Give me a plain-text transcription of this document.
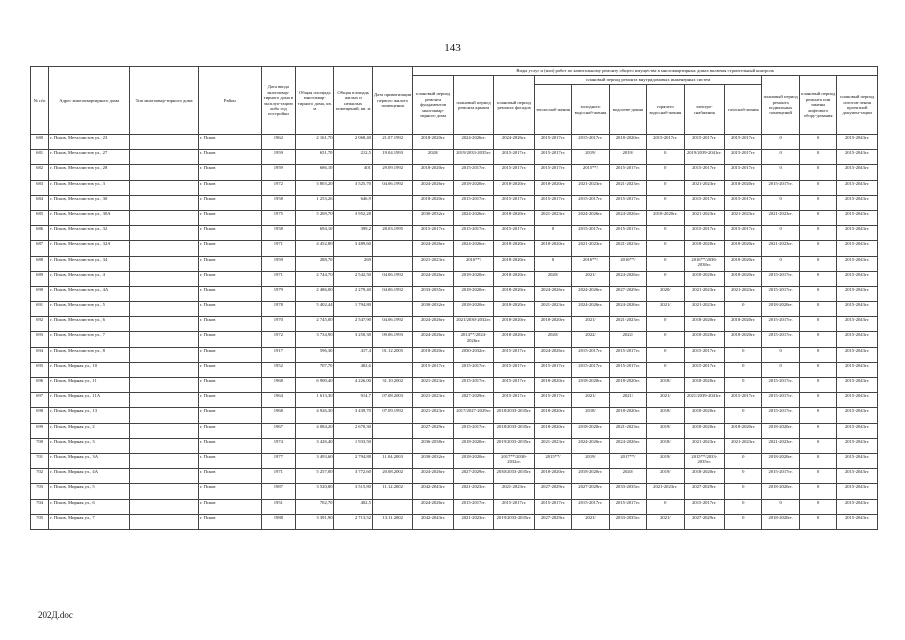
143
№ п/п	Адрес многоквартирного дома	Тип многоквар-тирного дома	Район	Дата ввода многоквар-тирного дома в эксплуа-тацию либо год постройки	Общая площадь многоквар-тирного дома, кв. м	Общая площадь жилых и нежилых помещений, кв. м	Дата приватизации первого жилого помещения	Виды услуг и (или) работ по капитальному ремонту общего имущества в многоквартирных домах включая строительный контроль											
								плановый период ремонта фундаментов многоквар-тирного дома	плановый период ремонта крыши	плановый период ремонта фасадов	плановый период ремонта внутридомовых инженерных систем						плановый период ремонта подвальных помещений	плановый период ремонта или замены лифтового обору-дования	плановый период изготов-ления проектной докумен-тации
											теплоснаб-жения	холодного водоснаб-жения	водоотве-дения	горячего водоснаб-жения	электро-снабжения	газоснаб-жения			
680	г. Псков, Металлистов ул., 23		г. Псков	1962	2 161,70	2 068,40	21.07.1992	2018-2020гг.	2024-2026гг.	2024-2026гг.	2015-2017гг.	2015-2017гг.	2018-2020гг.	2015-2017гг.	2015-2017гг.	2015-2017гг.	0	0	2015-2043гг.
681	г. Псков, Металлистов ул., 27		г. Псков	1959	651,70	212,5	19.04.1993	2020/	2019/2033-2035гг.	2015-2017гг.	2015-2017гг.	2019/	2019/	0	2019/2039-2041гг.	2015-2017гг.	0	0	2015-2043гг.
682	г. Псков, Металлистов ул., 28		г. Псков	1959	686,10	401	29.09.1992	2018-2020гг.	2015-2017гг.	2015-2017гг.	2015-2017гг.	2015**/	2015-2017гг.	0	2015-2017гг.	2015-2017гг.	0	0	2015-2043гг.
683	г. Псков, Металлистов ул., 3		г. Псков	1972	3 803,20	3 525,70	04.06.1992	2024-2026гг.	2018-2020гг.	2018-2020гг.	2018-2020гг.	2021-2023гг.	2021-2023гг.	0	2021-2023гг.	2018-2020гг.	2015-2017гг.	0	2015-2043гг.
684	г. Псков, Металлистов ул., 30		г. Псков	1958	1 253,26	646,9		2018-2020гг.	2015-2017гг.	2015-2017гг.	2015-2017гг.	2015-2017гг.	2015-2017гг.	0	2015-2017гг.	2015-2017гг.	0	0	2015-2043гг.
685	г. Псков, Металлистов ул., 30А		г. Псков	1975	5 269,70	3 952,28		2030-2032гг.	2024-2026гг.	2018-2020гг.	2021-2023гг.	2024-2026гг.	2024-2026гг.	2018-2020гг.	2021-2023гг.	2021-2023гг.	2021-2023гг.	0	2015-2043гг.
686	г. Псков, Металлистов ул., 32		г. Псков	1958	694,10	399,2	28.03.1995	2015-2017гг.	2015-2017гг.	2015-2017гг.	0	2015-2017гг.	2015-2017гг.	0	2015-2017гг.	2015-2017гг.	0	0	2015-2043гг.
687	г. Псков, Металлистов ул., 32А		г. Псков	1971	4 452,80	3 489,60		2024-2026гг.	2024-2026гг.	2018-2020гг.	2018-2020гг.	2021-2023гг.	2021-2023гг.	0	2018-2020гг.	2018-2020гг.	2021-2023гг.	0	2015-2043гг.
688	г. Псков, Металлистов ул., 34		г. Псков	1959	288,70	269		2021-2023гг.	2016**/	2018-2020гг.	0	2016**/	2016**/	0	2016**/2036-2038гг.	2018-2020гг.	0	0	2015-2043гг.
689	г. Псков, Металлистов ул., 4		г. Псков	1971	2 744,70	2 542,50	04.06.1992	2024-2026гг.	2018-2020гг.	2018-2020гг.	2020/	2021/	2024-2026гг.	0	2018-2020гг.	2018-2020гг.	2015-2017гг.	0	2015-2043гг.
690	г. Псков, Металлистов ул., 4А		г. Псков	1979	2 486,00	2 279,40	04.06.1992	2033-2035гг.	2018-2020гг.	2018-2020гг.	2024-2026гг.	2024-2026гг.	2027-2029гг.	2020/	2021-2023гг.	2021-2023гг.	2015-2017гг.	0	2015-2043гг.
691	г. Псков, Металлистов ул., 5		г. Псков	1978	5 402,44	1 794,80		2030-2032гг.	2018-2020гг.	2018-2020гг.	2021-2023гг.	2024-2026гг.	2024-2026гг.	2021/	2021-2023гг.	0	2018-2020гг.	0	2015-2043гг.
692	г. Псков, Металлистов ул., 6		г. Псков	1970	2 745,00	2 547,90	04.06.1992	2024-2026гг.	2021/2030-2032гг.	2018-2020гг.	2018-2020гг.	2021/	2021-2023гг.	0	2018-2020гг.	2018-2020гг.	2015-2017гг.	0	2015-2043гг.
693	г. Псков, Металлистов ул., 7		г. Псков	1972	3 734,90	3 250,30	09.06.1993	2024-2026гг.	2014**/2024-2026гг.	2018-2020гг.	2020/	2022/	2022/	0	2018-2020гг.	2018-2020гг.	2015-2017гг.	0	2015-2043гг.
694	г. Псков, Металлистов ул., 8		г. Псков	1917	596,30	417,4	01.12.2005	2018-2020гг.	2030-2032гг.	2015-2017гг.	2024-2026гг.	2015-2017гг.	2015-2017гг.	0	2015-2017гг.	0	0	0	2015-2043гг.
695	г. Псков, Мирная ул., 10		г. Псков	1952	707,70	402,6		2015-2017гг.	2015-2017гг.	2015-2017гг.	2015-2017гг.	2015-2017гг.	2015-2017гг.	0	2015-2017гг.	0	0	0	2015-2043гг.
696	г. Псков, Мирная ул., 11		г. Псков	1968	6 900,40	4 226,00	31.10.2002	2021-2023гг.	2015-2017гг.	2015-2017гг.	2018-2020гг.	2018-2020гг.	2018-2020гг.	2018/	2018-2020гг.	0	2015-2017гг.	0	2015-2043гг.
697	г. Псков, Мирная ул., 11А		г. Псков	1964	1 613,30	914,7	07.08.2003	2021-2023гг.	2027-2029гг.	2015-2017гг.	2015-2017гг.	2021/	2021/	2021/	2021/2039-2041гг.	2015-2017гг.	2015-2017гг.	0	2015-2043гг.
698	г. Псков, Мирная ул., 13		г. Псков	1968	4 926,30	3 439,70	07.09.1992	2021-2023гг.	2017/2027-2029гг.	2018/2033-2035гг.	2018-2020гг.	2018/	2018-2020гг.	2018/	2018-2020гг.	0	2015-2017гг.	0	2015-2043гг.
699	г. Псков, Мирная ул., 2		г. Псков	1967	4 084,20	2 670,30		2027-2029гг.	2015-2017гг.	2018/2033-2035гг.	2018-2020гг.	2018-2020гг.	2021-2023гг.	2019/	2018-2020гг.	2018-2020гг.	2018-2020гг.	0	2015-2043гг.
700	г. Псков, Мирная ул., 3		г. Псков	1974	3 426,40	1 933,50		2036-2038гг.	2018-2020гг.	2019/2033-2035гг.	2021-2023гг.	2024-2026гг.	2024-2026гг.	2018/	2021-2023гг.	2021-2023гг.	2021-2023гг.	0	2015-2043гг.
701	г. Псков, Мирная ул., 3А		г. Псков	1977	3 493,60	2 794,88	11.04.2003	2030-2032гг.	2018-2020гг.	2017**/2030-2032гг.	2015**/	2019/	2017**/	2019/	2015**/2033-2035гг.	0	2018-2020гг.	0	2015-2043гг.
702	г. Псков, Мирная ул., 4А		г. Псков	1971	5 257,00	3 772,60	20.08.2002	2024-2026гг.	2027-2029гг.	2030/2033-2035гг.	2018-2020гг.	2018-2020гг.	2020/	2019/	2018-2020гг.	0	2015-2017гг.	0	2015-2043гг.
703	г. Псков, Мирная ул., 5		г. Псков	1987	3 520,80	3 515,80	11.12.2002	2042-2043гг.	2021-2023гг.	2021-2023гг.	2027-2029гг.	2027-2029гг.	2033-2035гг.	2021-2023гг.	2027-2029гг.	0	2018-2020гг.	0	2015-2043гг.
704	г. Псков, Мирная ул., 6		г. Псков	1951	702,70	402,5		2024-2026гг.	2015-2017гг.	2015-2017гг.	2015-2017гг.	2015-2017гг.	2015-2017гг.	0	2015-2017гг.	0	0	0	2015-2043гг.
705	г. Псков, Мирная ул., 7		г. Псков	1988	3 391,90	2 713,52	13.11.2002	2042-2043гг.	2021-2023гг.	2019/2033-2035гг.	2027-2029гг.	2021/	2033-2035гг.	2021/	2027-2029гг.	0	2018-2020гг.	0	2015-2043гг.
202Д.doc
